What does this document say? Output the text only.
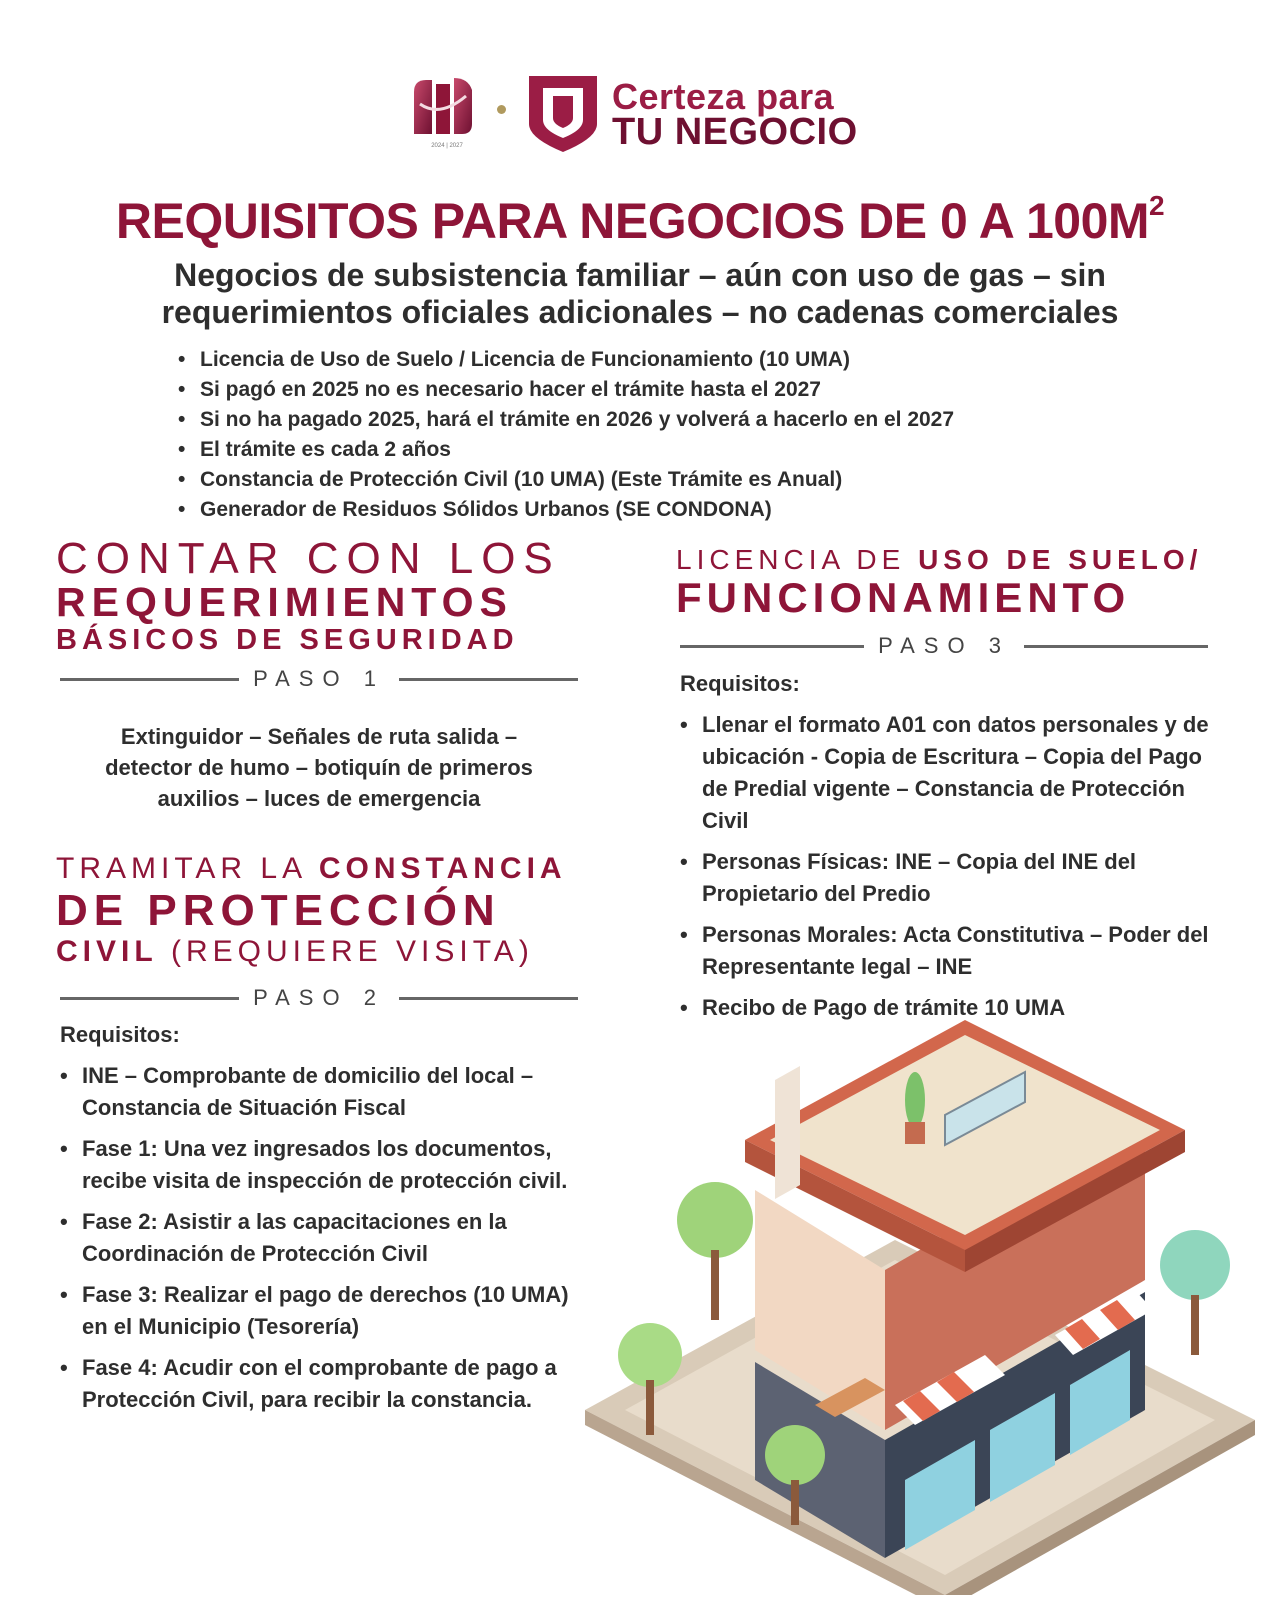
2024 | 2027
Certeza para
TU NEGOCIO
REQUISITOS PARA NEGOCIOS DE 0 A $100M^2$
Negocios de subsistencia familiar – aún con uso de gas – sin
requerimientos oficiales adicionales – no cadenas comerciales
• Licencia de Uso de Suelo / Licencia de Funcionamiento (10 UMA)
• Si pagó en 2025 no es necesario hacer el trámite hasta el 2027
• Si no ha pagado 2025, hará el trámite en 2026 y volverá a hacerlo en el 2027
• El trámite es cada 2 años
• Constancia de Protección Civil (10 UMA) (Este Trámite es Anual)
• Generador de Residuos Sólidos Urbanos (SE CONDONA)
CONTAR CON LOS
REQUERIMIENTOS
BÁSICOS DE SEGURIDAD
PASO 1
Extinguidor – Señales de ruta salida –
detector de humo – botiquín de primeros
auxilios – luces de emergencia
TRAMITAR LA CONSTANCIA
DE PROTECCIÓN
CIVIL (REQUIERE VISITA)
PASO 2
Requisitos:
• INE – Comprobante de domicilio del local – Constancia de Situación Fiscal
• Fase 1: Una vez ingresados los documentos, recibe visita de inspección de protección civil.
• Fase 2: Asistir a las capacitaciones en la Coordinación de Protección Civil
• Fase 3: Realizar el pago de derechos (10 UMA) en el Municipio (Tesorería)
• Fase 4: Acudir con el comprobante de pago a Protección Civil, para recibir la constancia.
LICENCIA DE USO DE SUELO/
FUNCIONAMIENTO
PASO 3
Requisitos:
• Llenar el formato A01 con datos personales y de ubicación - Copia de Escritura – Copia del Pago de Predial vigente – Constancia de Protección Civil
• Personas Físicas: INE – Copia del INE del Propietario del Predio
• Personas Morales: Acta Constitutiva – Poder del Representante legal – INE
• Recibo de Pago de trámite 10 UMA
